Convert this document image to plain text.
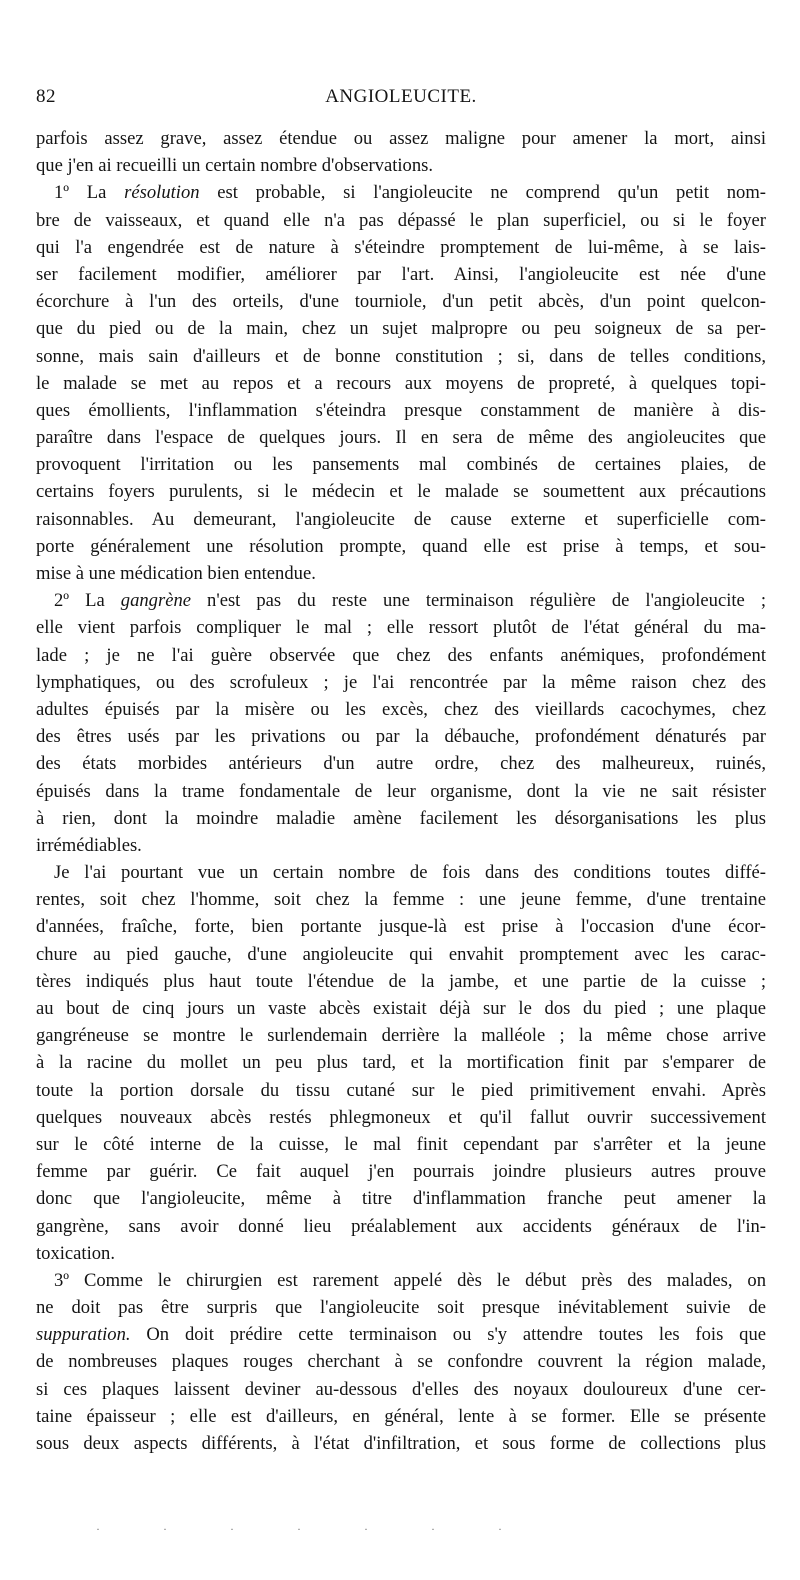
82	ANGIOLEUCITE.
parfois assez grave, assez étendue ou assez maligne pour amener la mort, ainsi
que j'en ai recueilli un certain nombre d'observations.
1º La résolution est probable, si l'angioleucite ne comprend qu'un petit nom-
bre de vaisseaux, et quand elle n'a pas dépassé le plan superficiel, ou si le foyer
qui l'a engendrée est de nature à s'éteindre promptement de lui-même, à se lais-
ser facilement modifier, améliorer par l'art. Ainsi, l'angioleucite est née d'une
écorchure à l'un des orteils, d'une tourniole, d'un petit abcès, d'un point quelcon-
que du pied ou de la main, chez un sujet malpropre ou peu soigneux de sa per-
sonne, mais sain d'ailleurs et de bonne constitution ; si, dans de telles conditions,
le malade se met au repos et a recours aux moyens de propreté, à quelques topi-
ques émollients, l'inflammation s'éteindra presque constamment de manière à dis-
paraître dans l'espace de quelques jours. Il en sera de même des angioleucites que
provoquent l'irritation ou les pansements mal combinés de certaines plaies, de
certains foyers purulents, si le médecin et le malade se soumettent aux précautions
raisonnables. Au demeurant, l'angioleucite de cause externe et superficielle com-
porte généralement une résolution prompte, quand elle est prise à temps, et sou-
mise à une médication bien entendue.
2º La gangrène n'est pas du reste une terminaison régulière de l'angioleucite ;
elle vient parfois compliquer le mal ; elle ressort plutôt de l'état général du ma-
lade ; je ne l'ai guère observée que chez des enfants anémiques, profondément
lymphatiques, ou des scrofuleux ; je l'ai rencontrée par la même raison chez des
adultes épuisés par la misère ou les excès, chez des vieillards cacochymes, chez
des êtres usés par les privations ou par la débauche, profondément dénaturés par
des états morbides antérieurs d'un autre ordre, chez des malheureux, ruinés,
épuisés dans la trame fondamentale de leur organisme, dont la vie ne sait résister
à rien, dont la moindre maladie amène facilement les désorganisations les plus
irrémédiables.
Je l'ai pourtant vue un certain nombre de fois dans des conditions toutes diffé-
rentes, soit chez l'homme, soit chez la femme : une jeune femme, d'une trentaine
d'années, fraîche, forte, bien portante jusque-là est prise à l'occasion d'une écor-
chure au pied gauche, d'une angioleucite qui envahit promptement avec les carac-
tères indiqués plus haut toute l'étendue de la jambe, et une partie de la cuisse ;
au bout de cinq jours un vaste abcès existait déjà sur le dos du pied ; une plaque
gangréneuse se montre le surlendemain derrière la malléole ; la même chose arrive
à la racine du mollet un peu plus tard, et la mortification finit par s'emparer de
toute la portion dorsale du tissu cutané sur le pied primitivement envahi. Après
quelques nouveaux abcès restés phlegmoneux et qu'il fallut ouvrir successivement
sur le côté interne de la cuisse, le mal finit cependant par s'arrêter et la jeune
femme par guérir. Ce fait auquel j'en pourrais joindre plusieurs autres prouve
donc que l'angioleucite, même à titre d'inflammation franche peut amener la
gangrène, sans avoir donné lieu préalablement aux accidents généraux de l'in-
toxication.
3º Comme le chirurgien est rarement appelé dès le début près des malades, on
ne doit pas être surpris que l'angioleucite soit presque inévitablement suivie de
suppuration. On doit prédire cette terminaison ou s'y attendre toutes les fois que
de nombreuses plaques rouges cherchant à se confondre couvrent la région malade,
si ces plaques laissent deviner au-dessous d'elles des noyaux douloureux d'une cer-
taine épaisseur ; elle est d'ailleurs, en général, lente à se former. Elle se présente
sous deux aspects différents, à l'état d'infiltration, et sous forme de collections plus
· · · · · · ·
